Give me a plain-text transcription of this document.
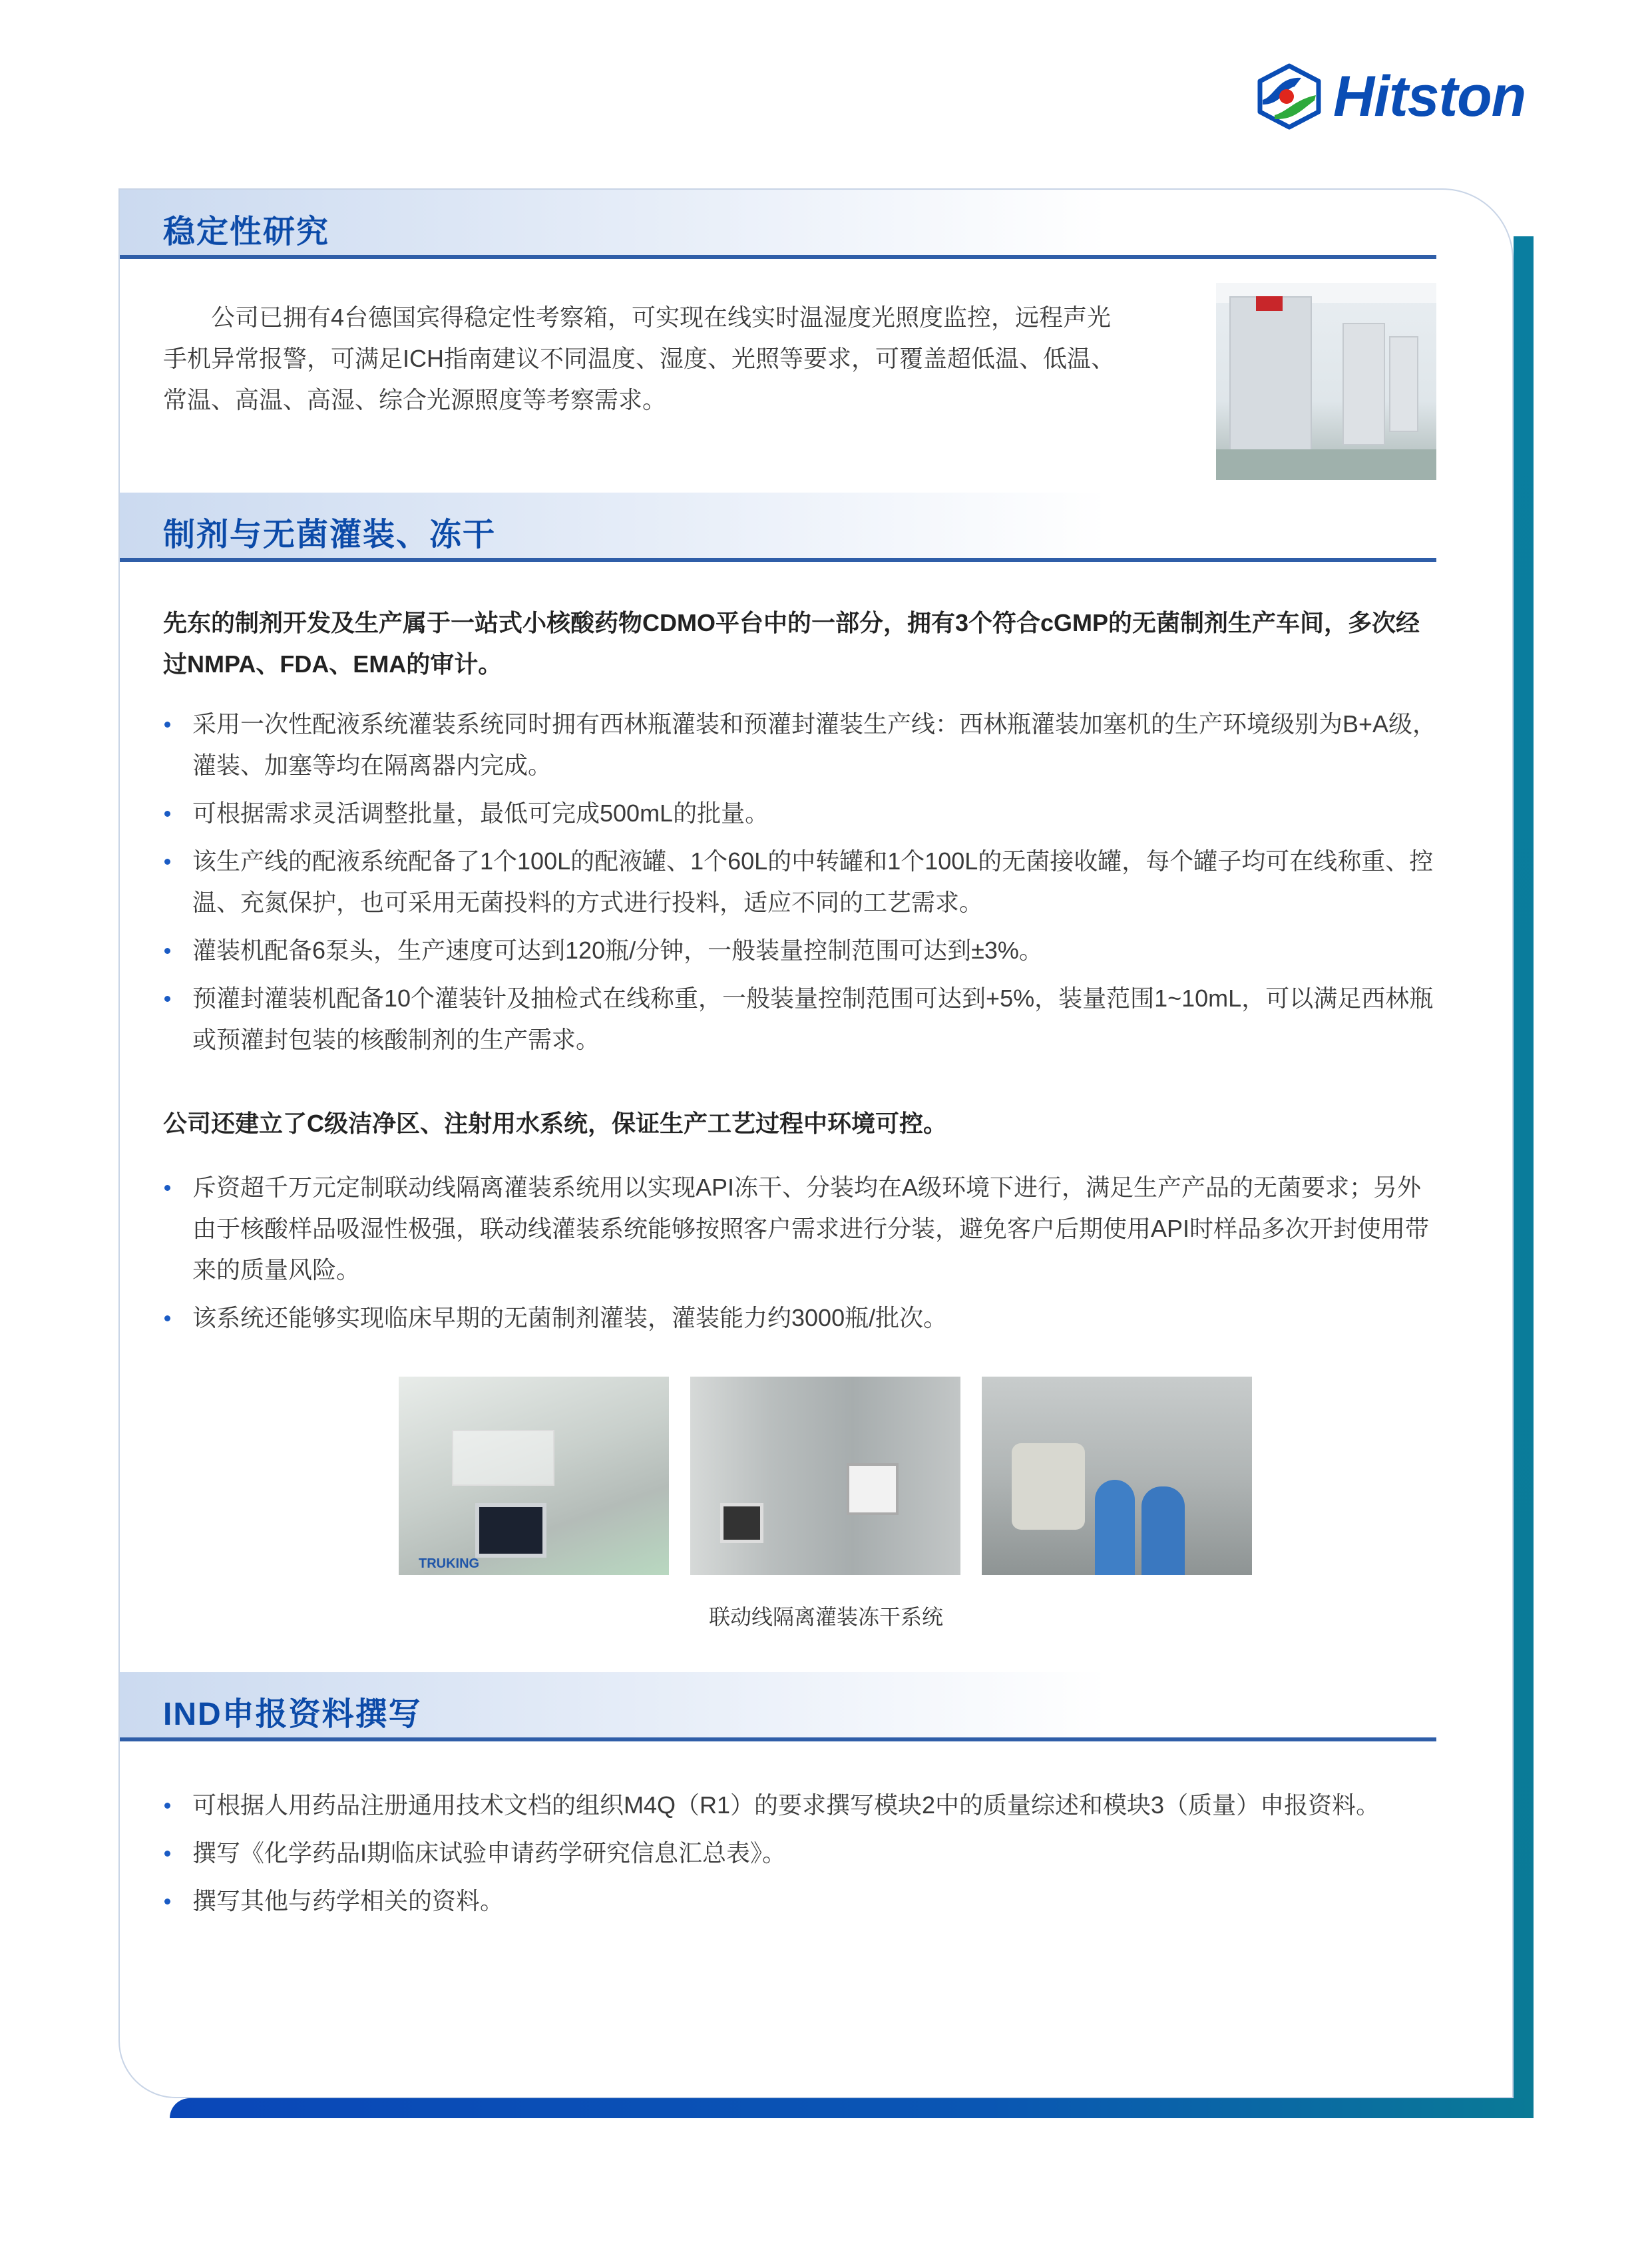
Hitston
稳定性研究
公司已拥有4台德国宾得稳定性考察箱，可实现在线实时温湿度光照度监控，远程声光手机异常报警，可满足ICH指南建议不同温度、湿度、光照等要求，可覆盖超低温、低温、常温、高温、高湿、综合光源照度等考察需求。
制剂与无菌灌装、冻干
先东的制剂开发及生产属于一站式小核酸药物CDMO平台中的一部分，拥有3个符合cGMP的无菌制剂生产车间，多次经过NMPA、FDA、EMA的审计。
采用一次性配液系统灌装系统同时拥有西林瓶灌装和预灌封灌装生产线：西林瓶灌装加塞机的生产环境级别为B+A级，灌装、加塞等均在隔离器内完成。
可根据需求灵活调整批量，最低可完成500mL的批量。
该生产线的配液系统配备了1个100L的配液罐、1个60L的中转罐和1个100L的无菌接收罐，每个罐子均可在线称重、控温、充氮保护，也可采用无菌投料的方式进行投料，适应不同的工艺需求。
灌装机配备6泵头，生产速度可达到120瓶/分钟，一般装量控制范围可达到±3%。
预灌封灌装机配备10个灌装针及抽检式在线称重，一般装量控制范围可达到+5%，装量范围1~10mL，可以满足西林瓶或预灌封包装的核酸制剂的生产需求。
公司还建立了C级洁净区、注射用水系统，保证生产工艺过程中环境可控。
斥资超千万元定制联动线隔离灌装系统用以实现API冻干、分装均在A级环境下进行，满足生产产品的无菌要求；另外由于核酸样品吸湿性极强，联动线灌装系统能够按照客户需求进行分装，避免客户后期使用API时样品多次开封使用带来的质量风险。
该系统还能够实现临床早期的无菌制剂灌装，灌装能力约3000瓶/批次。
TRUKING
联动线隔离灌装冻干系统
IND申报资料撰写
可根据人用药品注册通用技术文档的组织M4Q（R1）的要求撰写模块2中的质量综述和模块3（质量）申报资料。
撰写《化学药品I期临床试验申请药学研究信息汇总表》。
撰写其他与药学相关的资料。
